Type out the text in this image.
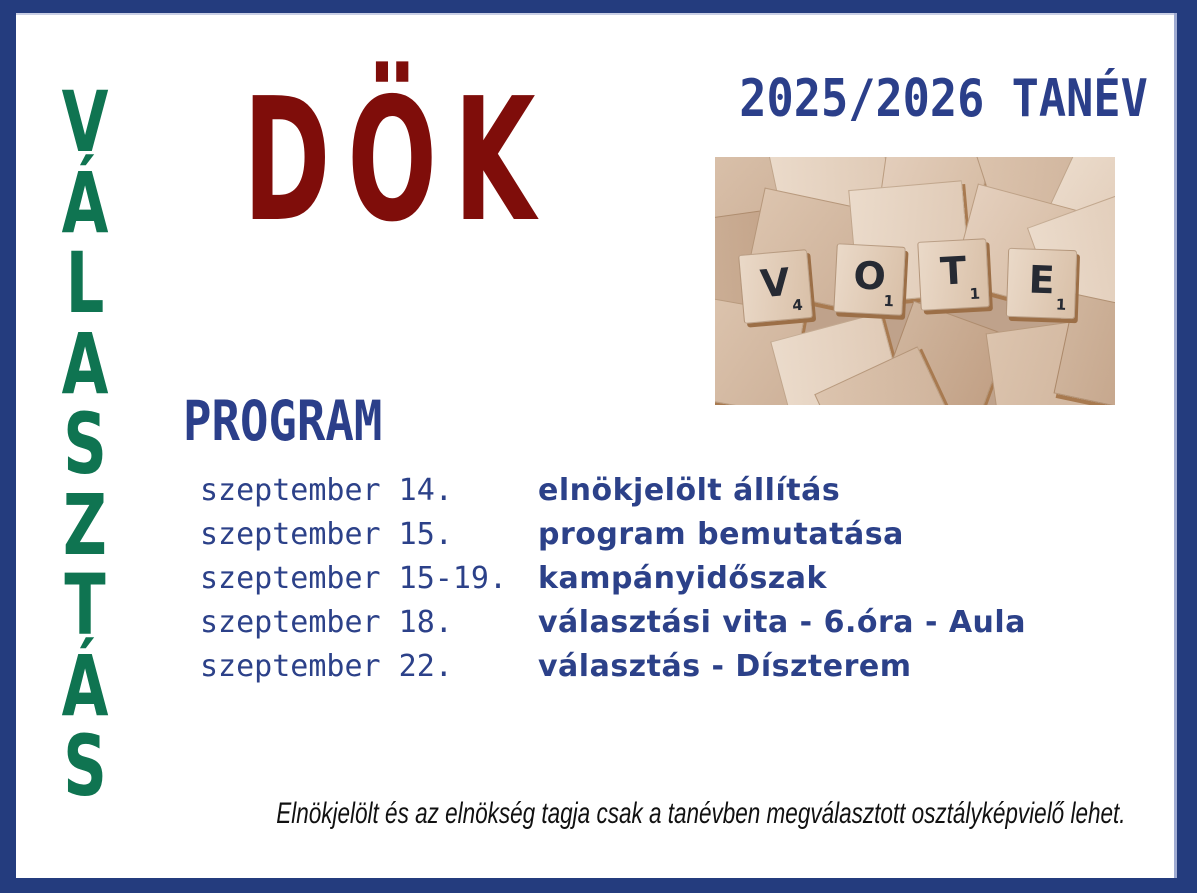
V
Á
L
A
S
Z
T
Á
S
DÖK	2025/2026 TANÉV
V 4
O
1
T
1	E
1
PROGRAM
szeptember 14.	elnökjelölt állítás
szeptember 15.	program bemutatása
szeptember 15-19.	kampányidőszak
szeptember 18.	választási vita - 6.óra - Aula
szeptember 22.	választás - Díszterem
Elnökjelölt és az elnökség tagja csak a tanévben megválasztott osztályképvielő lehet.
